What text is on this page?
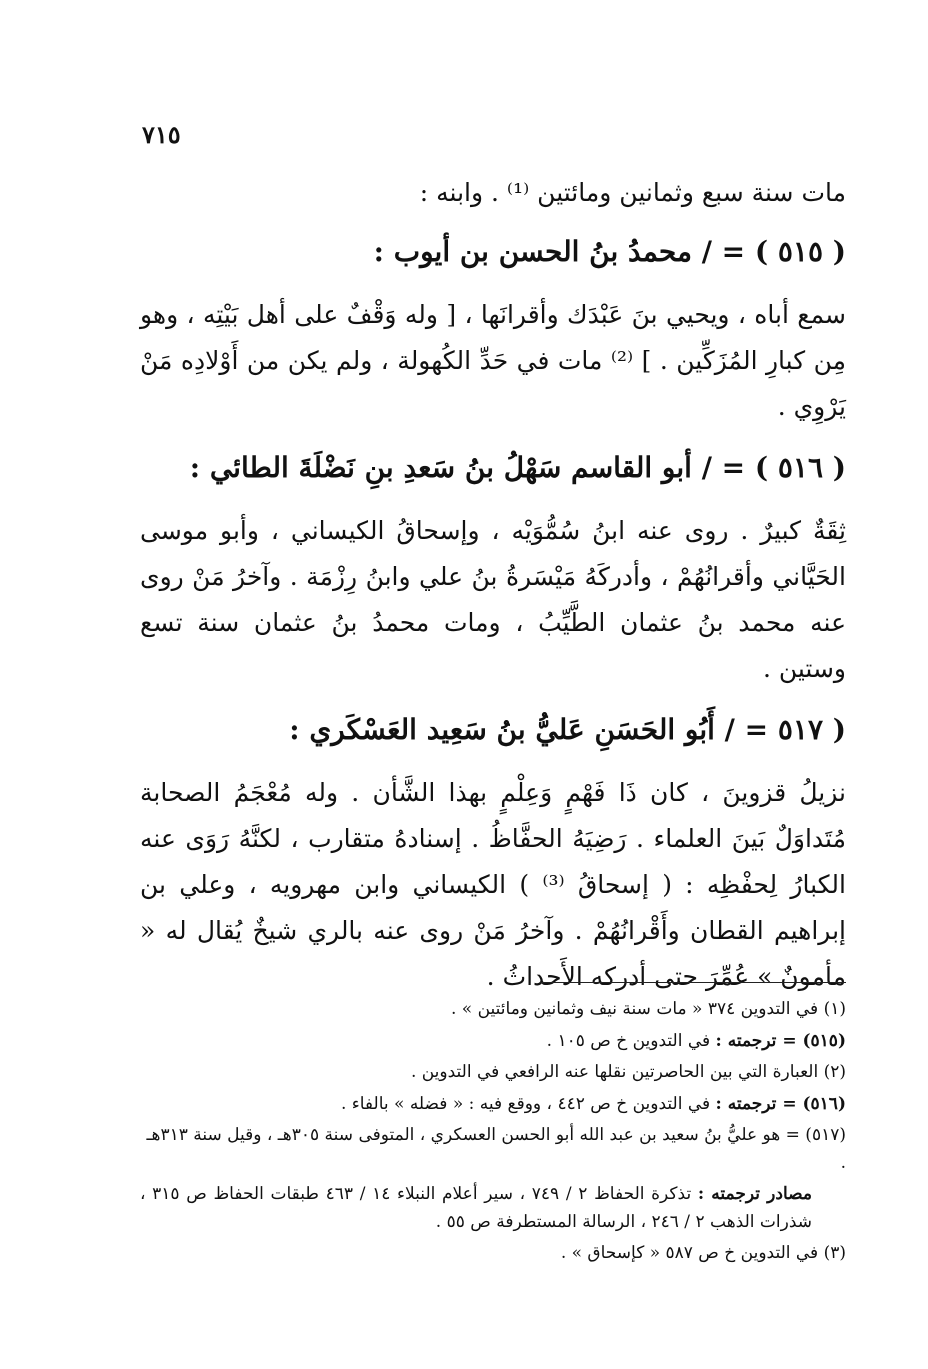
٧١٥

مات سنة سبع وثمانين ومائتين ⁽¹⁾ . وابنه :

( ٥١٥ ) = / محمدُ بنُ الحسن بن أيوب :

سمع أباه ، ويحيي بنَ عَبْدَك وأقرانَها ، [ وله وَقْفٌ على أهل بَيْتِه ، وهو مِن كبارِ المُزَكِّين . ] ⁽²⁾ مات في حَدِّ الكُهولة ، ولم يكن من أَوْلادِه مَنْ يَرْوِي .

( ٥١٦ ) = / أبو القاسم سَهْلُ بنُ سَعدِ بنِ نَضْلَةَ الطائي :

ثِقَةٌ كبيرٌ . روى عنه ابنُ سُمُّوَيْه ، وإسحاقُ الكيساني ، وأبو موسى الحَيَّاني وأقرانُهُمْ ، وأدركَهُ مَيْسَرةُ بنُ علي وابنُ رِزْمَة . وآخرُ مَنْ روى عنه محمد بنُ عثمان الطَّيِّبُ ، ومات محمدُ بنُ عثمان سنة تسع وستين .

( ٥١٧ = / أَبُو الحَسَنِ عَليُّ بنُ سَعِيد العَسْكَري :

نزيلُ قزوينَ ، كان ذَا فَهْمٍ وَعِلْمٍ بهذا الشَّأن . وله مُعْجَمُ الصحابة مُتَداوَلٌ بَينَ العلماء . رَضِيَهُ الحفَّاظُ . إسنادهُ متقارب ، لكنَّهُ رَوَى عنه الكبارُ لِحفْظِه : ( إسحاقُ ⁽³⁾ ) الكيساني وابن مهرويه ، وعلي بن إبراهيم القطان وأَقْرانُهُمْ . وآخرُ مَنْ روى عنه بالري شيخٌ يُقال له « مأمونٌ » عُمِّرَ حتى أدركه الأَحداثُ .

(١) في التدوين ٣٧٤ « مات سنة نيف وثمانين ومائتين » .

(٥١٥) = ترجمته : في التدوين خ ص ١٠٥ .

(٢) العبارة التي بين الحاصرتين نقلها عنه الرافعي في التدوين .

(٥١٦) = ترجمته : في التدوين خ ص ٤٤٢ ، ووقع فيه : « فضله » بالفاء .

(٥١٧) = هو عليُّ بنُ سعيد بن عبد الله أبو الحسن العسكري ، المتوفى سنة ٣٠٥هـ ، وقيل سنة ٣١٣هـ .

مصادر ترجمته : تذكرة الحفاظ ٢ / ٧٤٩ ، سير أعلام النبلاء ١٤ / ٤٦٣ طبقات الحفاظ ص ٣١٥ ، شذرات الذهب ٢ / ٢٤٦ ، الرسالة المستطرفة ص ٥٥ .

(٣) في التدوين خ ص ٥٨٧ « كإسحاق » .
